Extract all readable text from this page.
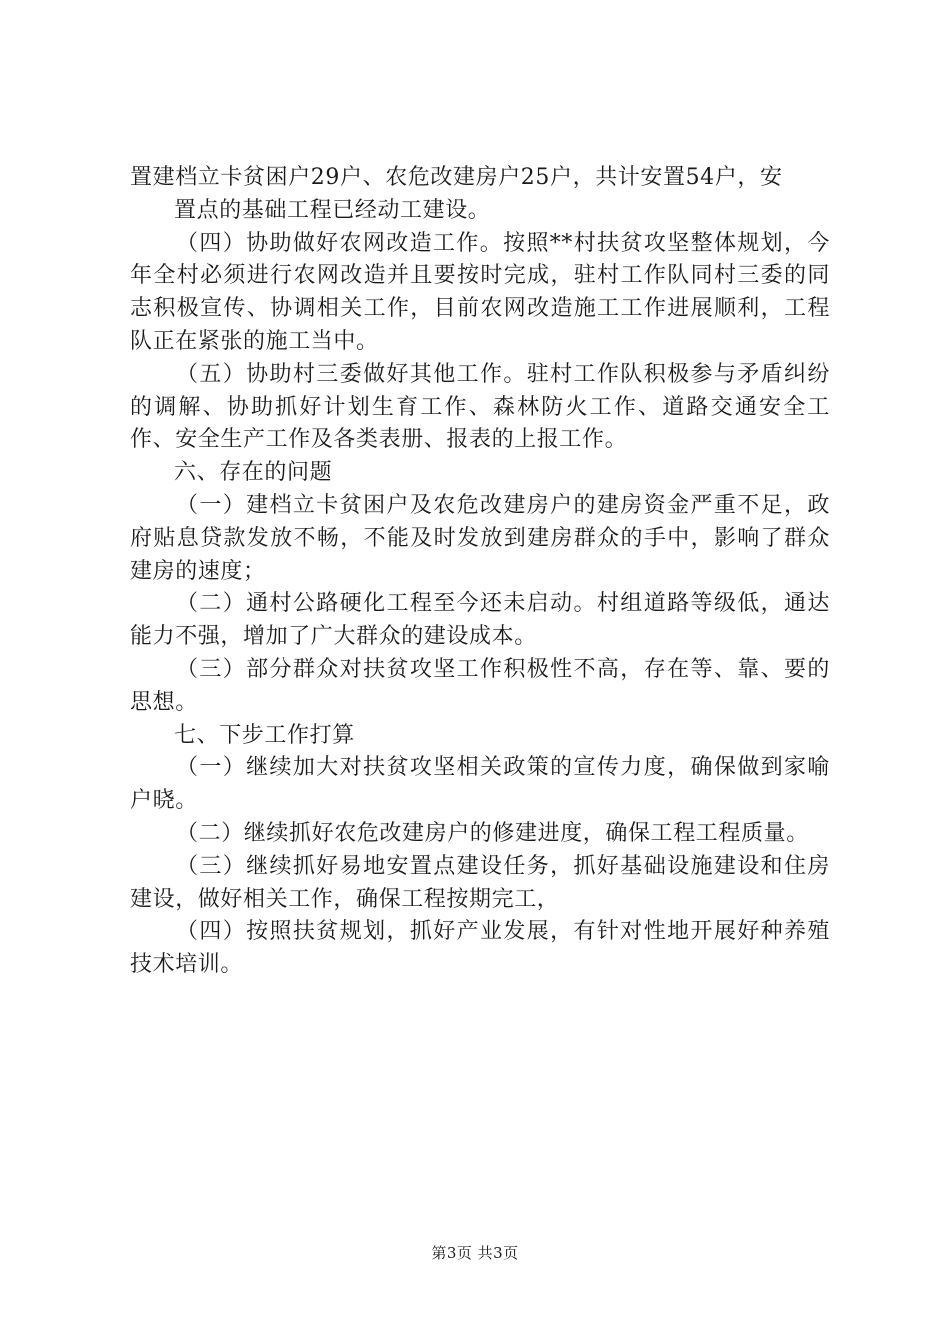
置建档立卡贫困户29户、农危改建房户25户，共计安置54户，安

置点的基础工程已经动工建设。

（四）协助做好农网改造工作。按照**村扶贫攻坚整体规划，今年全村必须进行农网改造并且要按时完成，驻村工作队同村三委的同志积极宣传、协调相关工作，目前农网改造施工工作进展顺利，工程队正在紧张的施工当中。

（五）协助村三委做好其他工作。驻村工作队积极参与矛盾纠纷的调解、协助抓好计划生育工作、森林防火工作、道路交通安全工作、安全生产工作及各类表册、报表的上报工作。

六、存在的问题

（一）建档立卡贫困户及农危改建房户的建房资金严重不足，政府贴息贷款发放不畅，不能及时发放到建房群众的手中，影响了群众建房的速度；

（二）通村公路硬化工程至今还未启动。村组道路等级低，通达能力不强，增加了广大群众的建设成本。

（三）部分群众对扶贫攻坚工作积极性不高，存在等、靠、要的思想。

七、下步工作打算

（一）继续加大对扶贫攻坚相关政策的宣传力度，确保做到家喻户晓。

（二）继续抓好农危改建房户的修建进度，确保工程工程质量。

（三）继续抓好易地安置点建设任务，抓好基础设施建设和住房建设，做好相关工作，确保工程按期完工，

（四）按照扶贫规划，抓好产业发展，有针对性地开展好种养殖技术培训。

第3页 共3页
